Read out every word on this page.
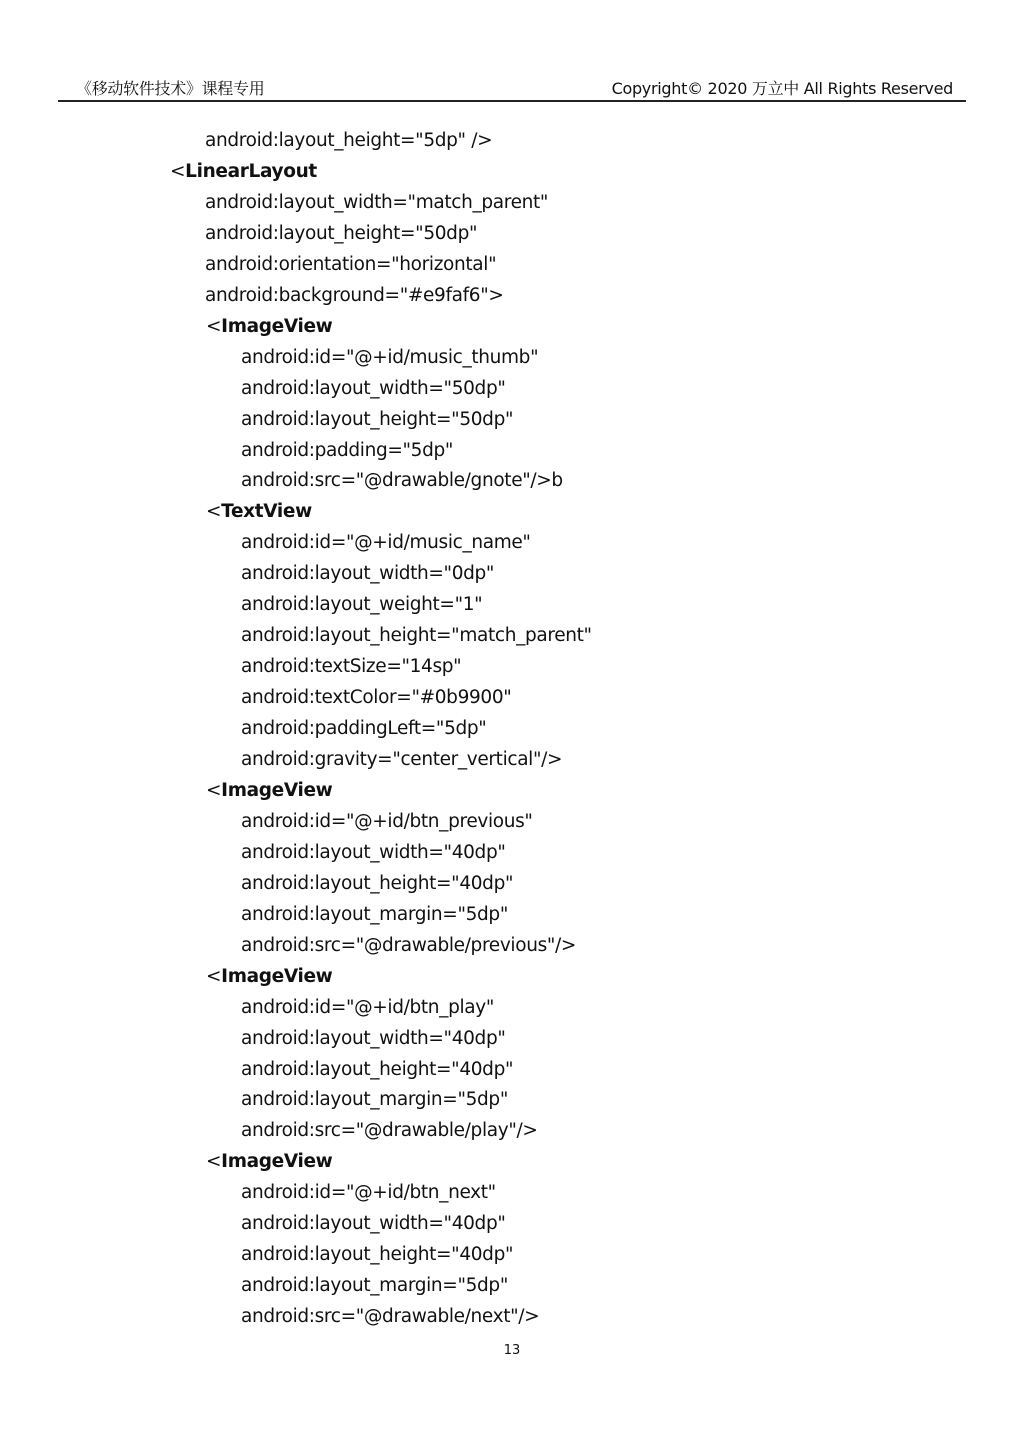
《移动软件技术》课程专用	Copyright© 2020 万立中 All Rights Reserved
android:layout_height="5dp" />
<LinearLayout
android:layout_width="match_parent"
android:layout_height="50dp"
android:orientation="horizontal"
android:background="#e9faf6">
<ImageView
android:id="@+id/music_thumb"
android:layout_width="50dp"
android:layout_height="50dp"
android:padding="5dp"
android:src="@drawable/gnote"/>b
<TextView
android:id="@+id/music_name"
android:layout_width="0dp"
android:layout_weight="1"
android:layout_height="match_parent"
android:textSize="14sp"
android:textColor="#0b9900"
android:paddingLeft="5dp"
android:gravity="center_vertical"/>
<ImageView
android:id="@+id/btn_previous"
android:layout_width="40dp"
android:layout_height="40dp"
android:layout_margin="5dp"
android:src="@drawable/previous"/>
<ImageView
android:id="@+id/btn_play"
android:layout_width="40dp"
android:layout_height="40dp"
android:layout_margin="5dp"
android:src="@drawable/play"/>
<ImageView
android:id="@+id/btn_next"
android:layout_width="40dp"
android:layout_height="40dp"
android:layout_margin="5dp"
android:src="@drawable/next"/>
13
